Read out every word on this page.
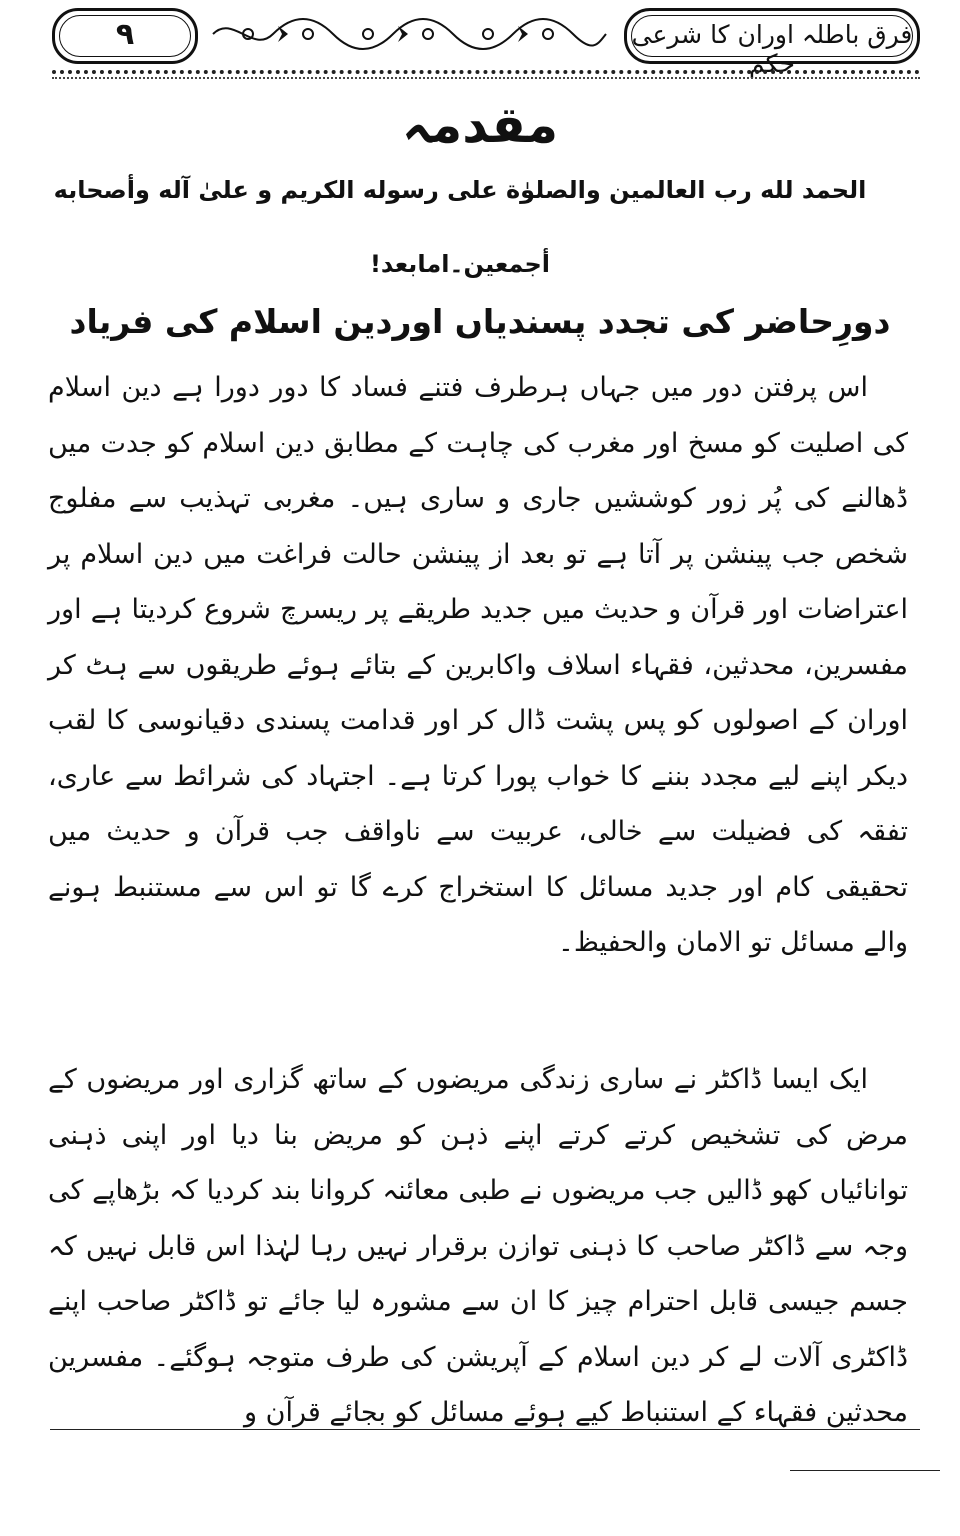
۹	فرق باطلہ اوران کا شرعی حکم
مقدمہ
الحمد لله رب العالمين والصلوٰة على رسوله الكريم و علىٰ آله وأصحابه
أجمعين۔امابعد!
دورِحاضر کی تجدد پسندیاں اوردین اسلام کی فریاد

اس پرفتن دور میں جہاں ہرطرف فتنے فساد کا دور دورا ہے دین اسلام کی اصلیت کو مسخ اور مغرب کی چاہت کے مطابق دین اسلام کو جدت میں ڈھالنے کی پُر زور کوششیں جاری و ساری ہیں۔ مغربی تہذیب سے مفلوج شخص جب پینشن پر آتا ہے تو بعد از پینشن حالت فراغت میں دین اسلام پر اعتراضات اور قرآن و حدیث میں جدید طریقے پر ریسرچ شروع کردیتا ہے اور مفسرین، محدثین، فقہاء اسلاف واکابرین کے بتائے ہوئے طریقوں سے ہٹ کر اوران کے اصولوں کو پس پشت ڈال کر اور قدامت پسندی دقیانوسی کا لقب دیکر اپنے لیے مجدد بننے کا خواب پورا کرتا ہے۔ اجتہاد کی شرائط سے عاری، تفقہ کی فضیلت سے خالی، عربیت سے ناواقف جب قرآن و حدیث میں تحقیقی کام اور جدید مسائل کا استخراج کرے گا تو اس سے مستنبط ہونے والے مسائل تو الامان والحفیظ۔

ایک ایسا ڈاکٹر نے ساری زندگی مریضوں کے ساتھ گزاری اور مریضوں کے مرض کی تشخیص کرتے کرتے اپنے ذہن کو مریض بنا دیا اور اپنی ذہنی توانائیاں کھو ڈالیں جب مریضوں نے طبی معائنہ کروانا بند کردیا کہ بڑھاپے کی وجہ سے ڈاکٹر صاحب کا ذہنی توازن برقرار نہیں رہا لہٰذا اس قابل نہیں کہ جسم جیسی قابل احترام چیز کا ان سے مشورہ لیا جائے تو ڈاکٹر صاحب اپنے ڈاکٹری آلات لے کر دین اسلام کے آپریشن کی طرف متوجہ ہوگئے۔ مفسرین محدثین فقہاء کے استنباط کیے ہوئے مسائل کو بجائے قرآن و
